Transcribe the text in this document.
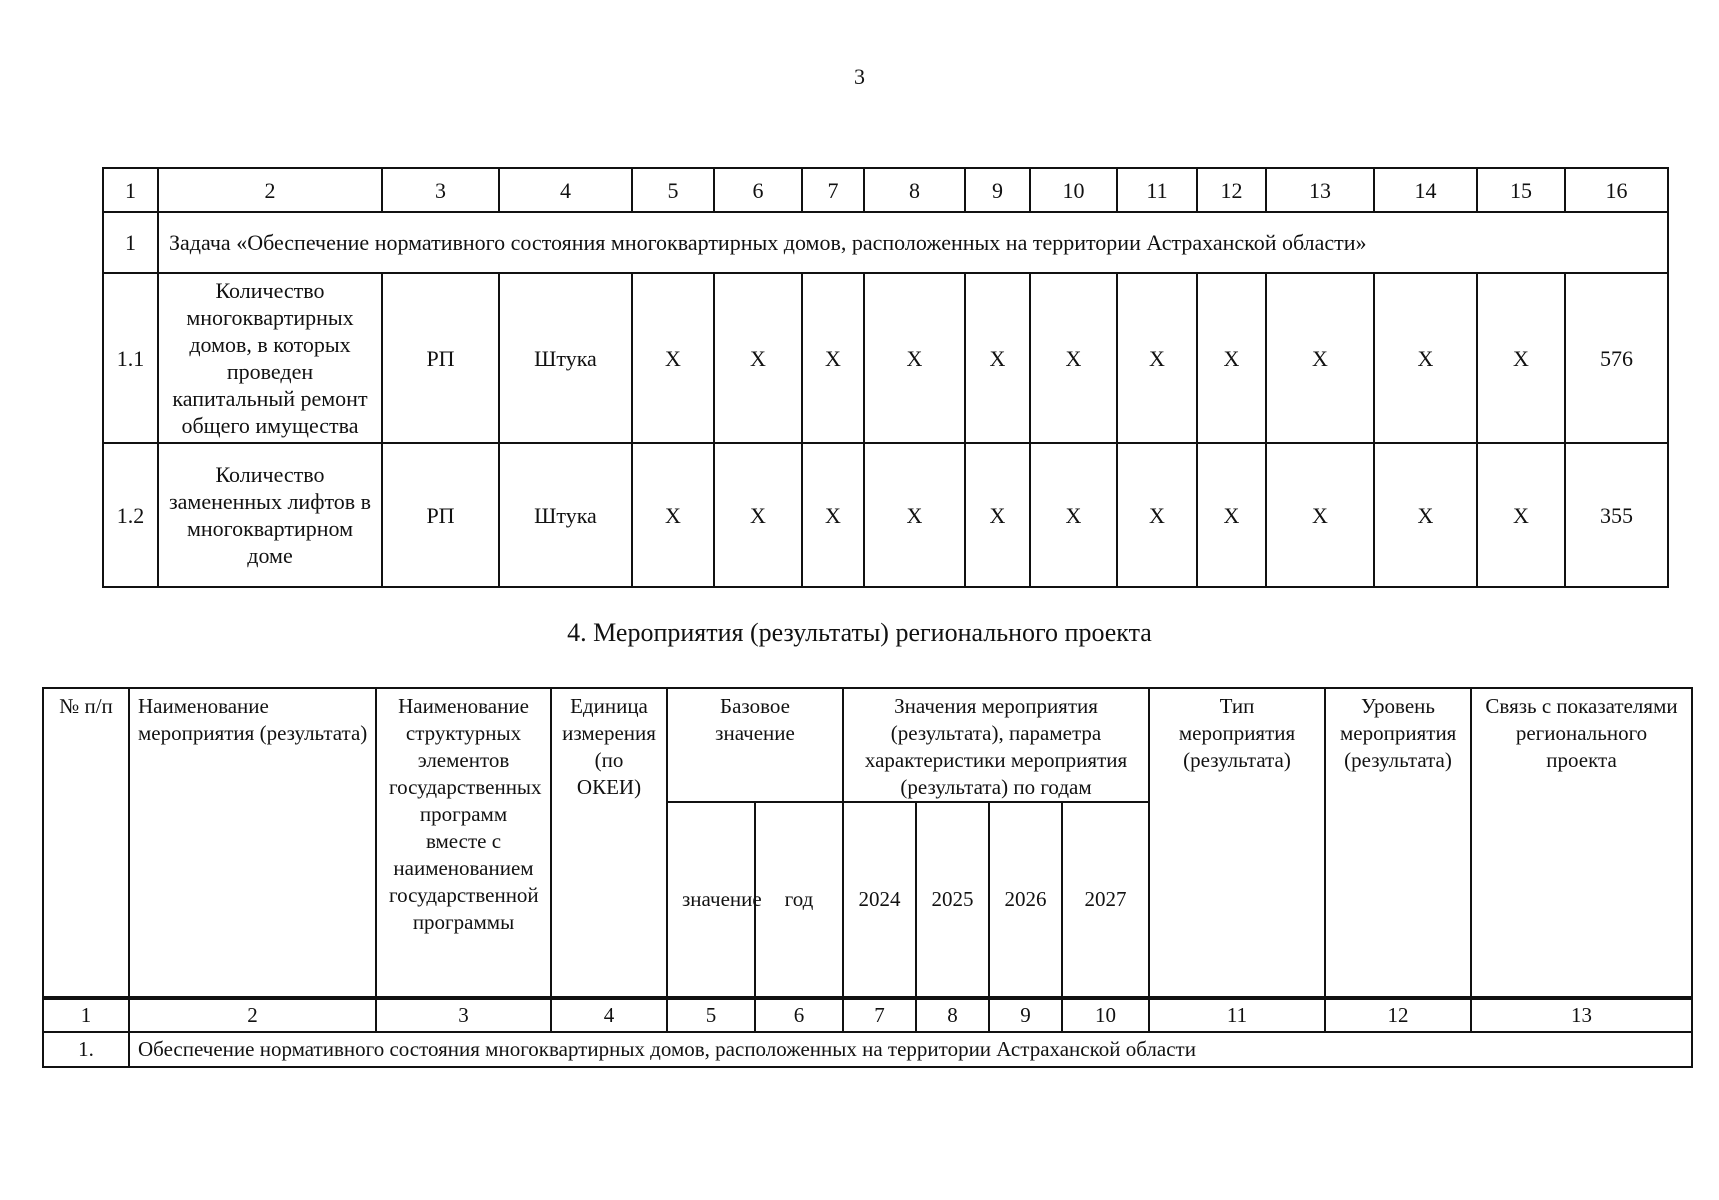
3
1	2	3	4	5	6	7	8	9	10	11	12	13	14	15	16
1	Задача «Обеспечение нормативного состояния многоквартирных домов, расположенных на территории Астраханской области»														
1.1	Количество многоквартирных домов, в которых проведен капитальный ремонт общего имущества	РП	Штука	Х	Х	Х	Х	Х	Х	Х	Х	Х	Х	Х	576
1.2	Количество замененных лифтов в многоквартирном доме	РП	Штука	Х	Х	Х	Х	Х	Х	Х	Х	Х	Х	Х	355
4. Мероприятия (результаты) регионального проекта
№ п/п	Наименование мероприятия (результата)	Наименование структурных элементов государственных программ вместе с наименованием государственной программы	Единица измерения (по ОКЕИ)	Базовое значение		Значения мероприятия (результата), параметра характеристики мероприятия (результата) по годам				Тип мероприятия (результата)	Уровень мероприятия (результата)	Связь с показателями регионального проекта
				значение	год	2024	2025	2026	2027			
1	2	3	4	5	6	7	8	9	10	11	12	13
1.	Обеспечение нормативного состояния многоквартирных домов, расположенных на территории Астраханской области											
